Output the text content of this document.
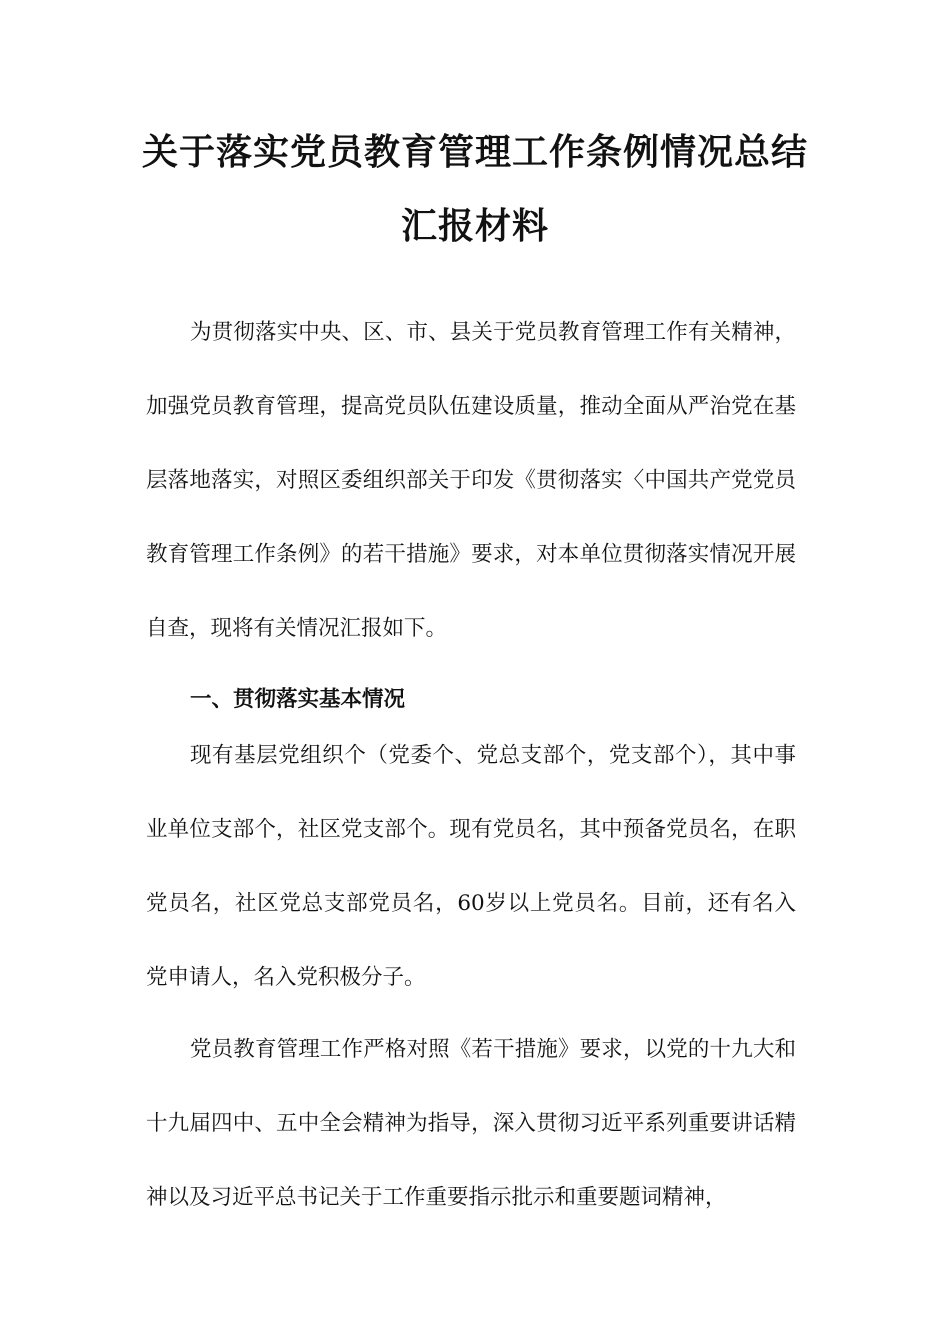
关于落实党员教育管理工作条例情况总结
汇报材料

为贯彻落实中央、区、市、县关于党员教育管理工作有关精神，加强党员教育管理，提高党员队伍建设质量，推动全面从严治党在基层落地落实，对照区委组织部关于印发《贯彻落实〈中国共产党党员教育管理工作条例》的若干措施》要求，对本单位贯彻落实情况开展自查，现将有关情况汇报如下。

一、贯彻落实基本情况

现有基层党组织个（党委个、党总支部个，党支部个），其中事业单位支部个，社区党支部个。现有党员名，其中预备党员名，在职党员名，社区党总支部党员名，60岁以上党员名。目前，还有名入党申请人，名入党积极分子。

党员教育管理工作严格对照《若干措施》要求，以党的十九大和十九届四中、五中全会精神为指导，深入贯彻习近平系列重要讲话精神以及习近平总书记关于工作重要指示批示和重要题词精神，
